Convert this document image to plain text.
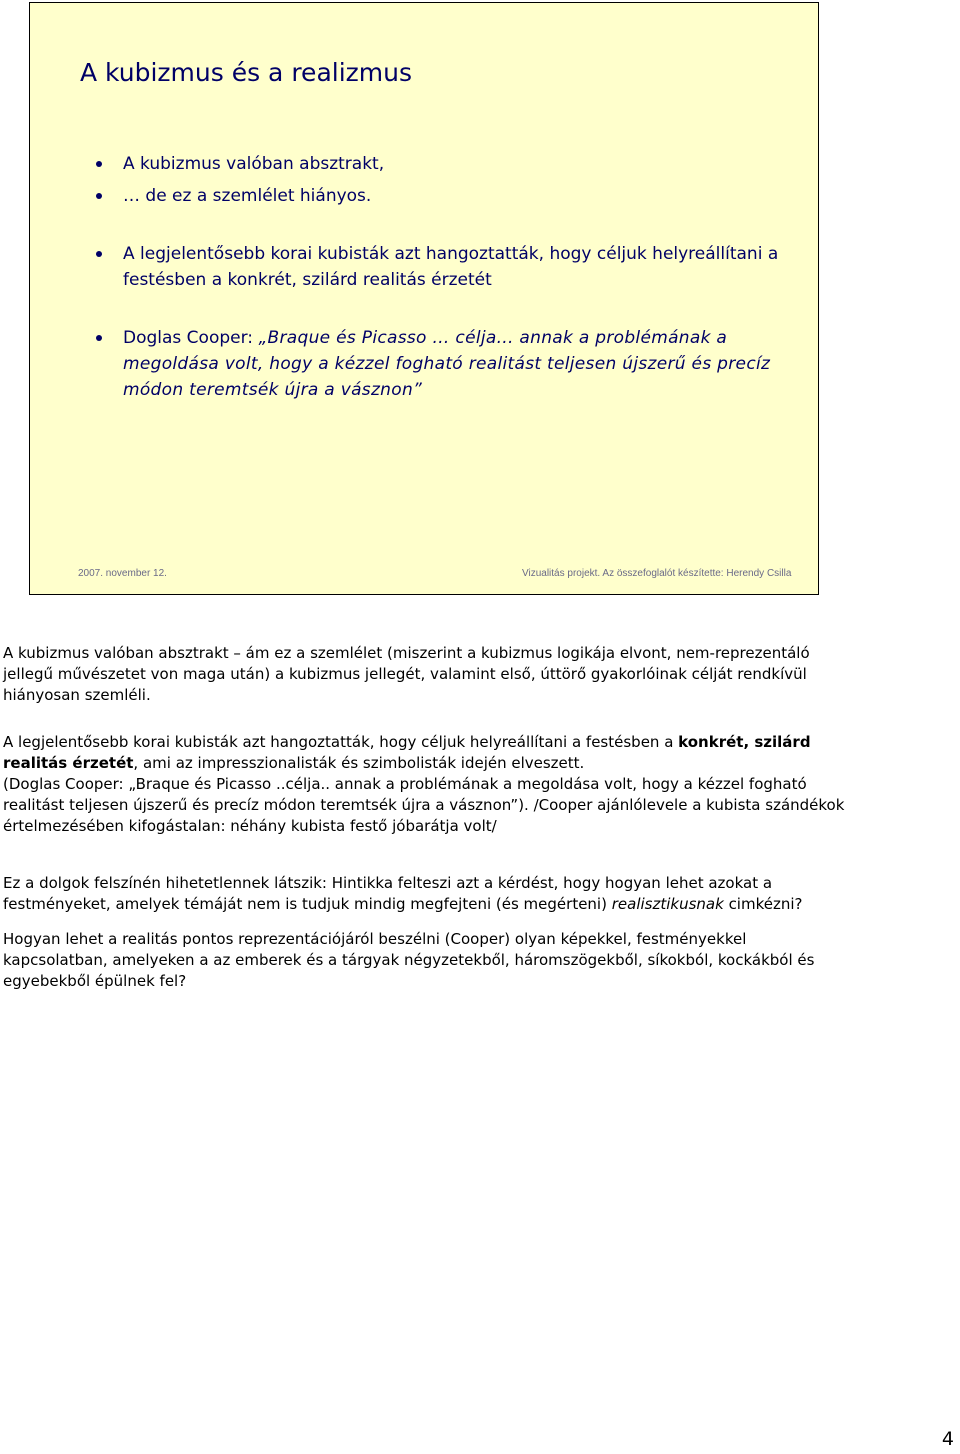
A kubizmus és a realizmus
A kubizmus valóban absztrakt,
… de ez a szemlélet hiányos.
A legjelentősebb korai kubisták azt hangoztatták, hogy céljuk helyreállítani a festésben a konkrét, szilárd realitás érzetét
Doglas Cooper: „Braque és Picasso … célja... annak a problémának a megoldása volt, hogy a kézzel fogható realitást teljesen újszerű és precíz módon teremtsék újra a vásznon”
2007. november 12.	Vizualitás projekt. Az összefoglalót készítette: Herendy Csilla

A kubizmus valóban absztrakt – ám ez a szemlélet (miszerint a kubizmus logikája elvont, nem-reprezentáló jellegű művészetet von maga után) a kubizmus jellegét, valamint első, úttörő gyakorlóinak célját rendkívül hiányosan szemléli.

A legjelentősebb korai kubisták azt hangoztatták, hogy céljuk helyreállítani a festésben a konkrét, szilárd realitás érzetét, ami az impresszionalisták és szimbolisták idején elveszett.

(Doglas Cooper: „Braque és Picasso ..célja.. annak a problémának a megoldása volt, hogy a kézzel fogható realitást teljesen újszerű és precíz módon teremtsék újra a vásznon”). /Cooper ajánlólevele a kubista szándékok értelmezésében kifogástalan: néhány kubista festő jóbarátja volt/

Ez a dolgok felszínén hihetetlennek látszik: Hintikka felteszi azt a kérdést, hogy hogyan lehet azokat a festményeket, amelyek témáját nem is tudjuk mindig megfejteni (és megérteni) realisztikusnak cimkézni?

Hogyan lehet a realitás pontos reprezentációjáról beszélni (Cooper) olyan képekkel, festményekkel kapcsolatban, amelyeken a az emberek és a tárgyak négyzetekből, háromszögekből, síkokból, kockákból és egyebekből épülnek fel?

4
